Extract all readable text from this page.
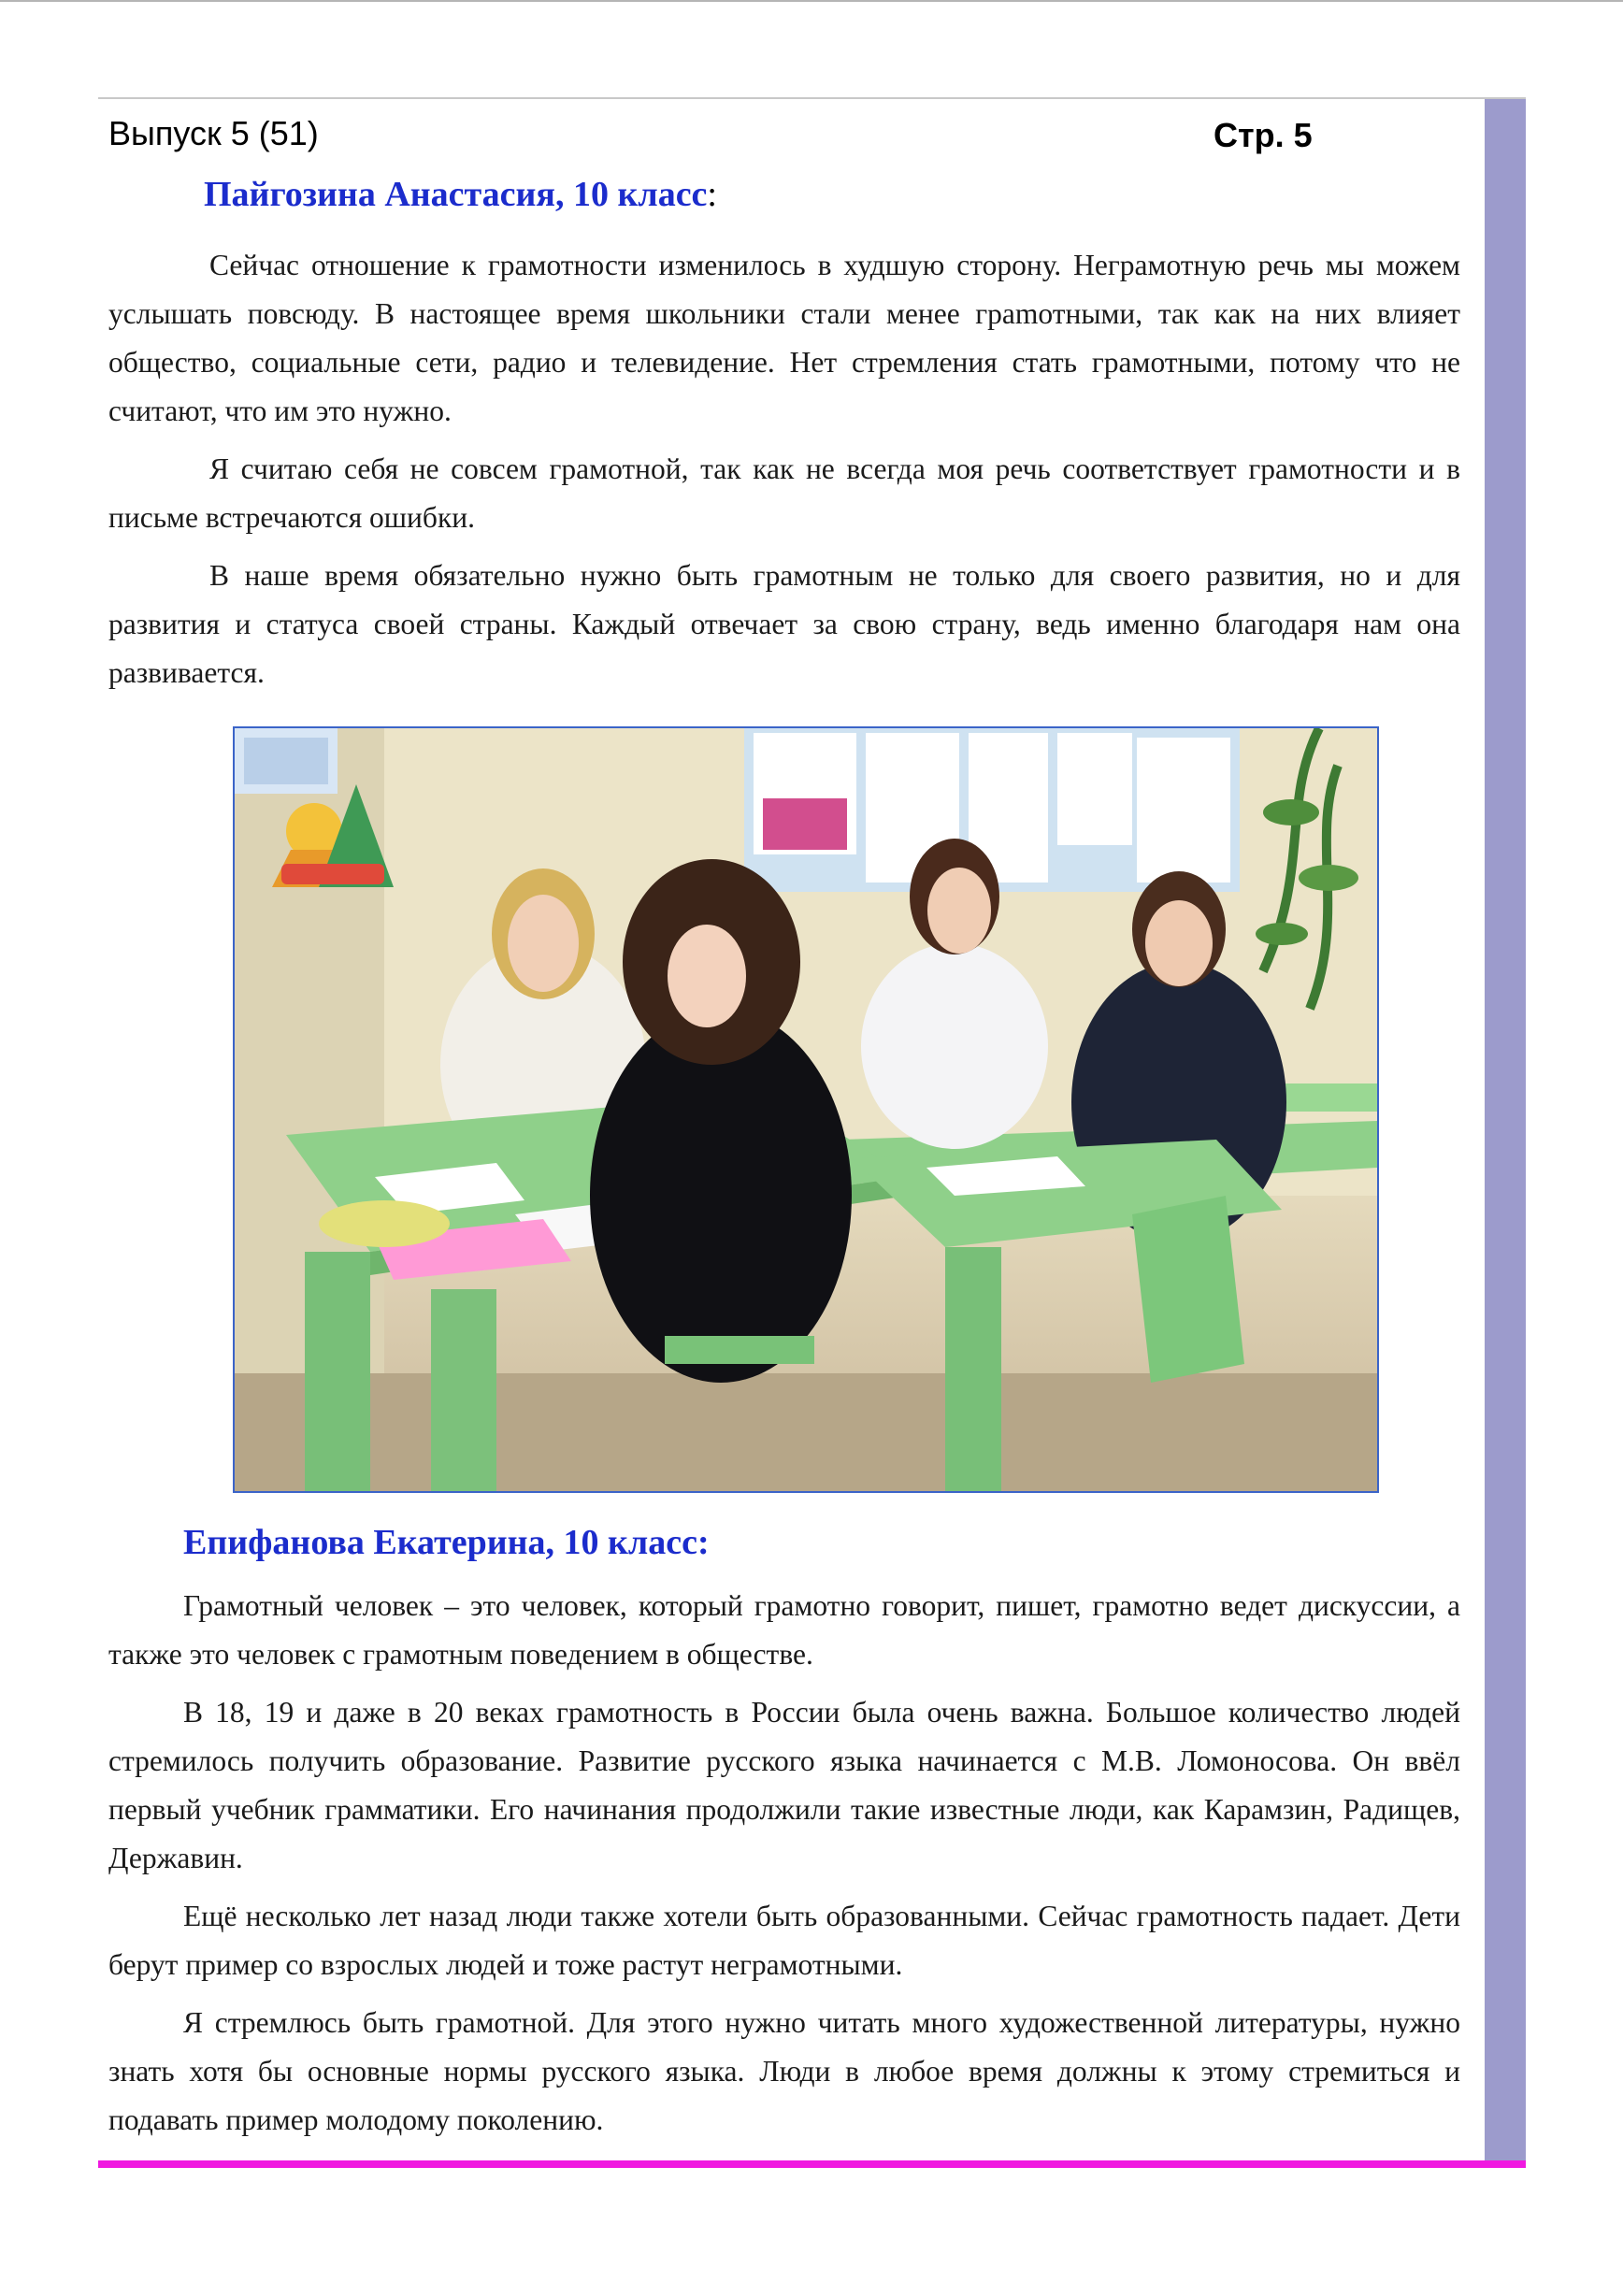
Выпуск 5 (51)	Стр. 5
Пайгозина Анастасия, 10 класс:

Сейчас отношение к грамотности изменилось в худшую сторону. Неграмотную речь мы можем услышать повсюду. В настоящее время школьники стали менее граmотными, так как на них влияет общество, социальные сети, радио и телевидение. Нет стремления стать грамотными, потому что не считают, что им это нужно.

Я считаю себя не совсем грамотной, так как не всегда моя речь соответствует грамотности и в письме встречаются ошибки.

В наше время обязательно нужно быть грамотным не только для своего развития, но и для развития и статуса своей страны. Каждый отвечает за свою страну, ведь именно благодаря нам она развивается.

Епифанова Екатерина, 10 класс:

Грамотный человек – это человек, который грамотно говорит, пишет, грамотно ведет дискуссии, а также это человек с грамотным поведением в обществе.

В 18, 19 и даже в 20 веках грамотность в России была очень важна. Большое количество людей стремилось получить образование. Развитие русского языка начинается с М.В. Ломоносова. Он ввёл первый учебник грамматики. Его начинания продолжили такие известные люди, как Карамзин, Радищев, Державин.

Ещё несколько лет назад люди также хотели быть образованными. Сейчас грамотность падает. Дети берут пример со взрослых людей и тоже растут неграмотными.

Я стремлюсь быть грамотной. Для этого нужно читать много художественной литературы, нужно знать хотя бы основные нормы русского языка. Люди в любое время должны к этому стремиться и подавать пример молодому поколению.
